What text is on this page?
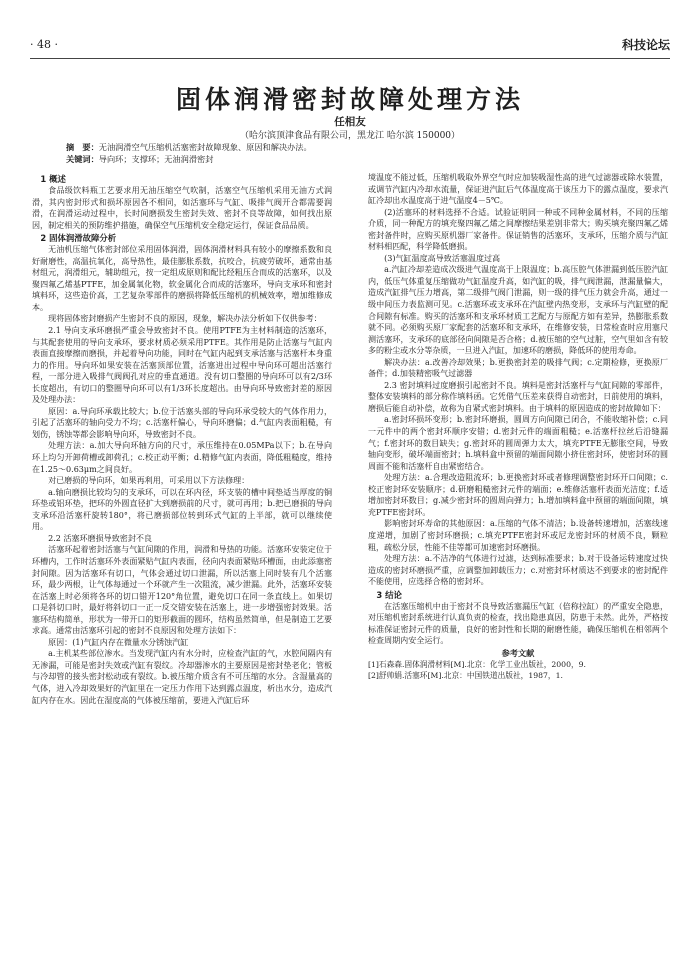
· 48 ·	科技论坛
固体润滑密封故障处理方法
任相友
（哈尔滨顶津食品有限公司，黑龙江 哈尔滨 150000）
摘　要：无油润滑空气压缩机活塞密封故障现象、原因和解决办法。
关键词：导向环；支撑环；无油润滑密封
1 概述

食品级饮料瓶工艺要求用无油压缩空气吹制，活塞空气压缩机采用无油方式润滑，其内密封形式和损坏原因各不相同，如活塞环与气缸、吸排气阀开合都需要润滑，在润滑运动过程中，长时间磨损发生密封失效、密封不良等故障，如何找出原因，制定相关的预防维护措施，确保空气压缩机安全稳定运行，保证食品品质。

2 固体润滑故障分析

无油机压缩气体密封部位采用固体润滑，固体润滑材料具有较小的摩擦系数和良好耐磨性，高温抗氧化，高导热性，最佳膨胀系数，抗咬合，抗疲劳破坏，通常由基材组元，润滑组元，辅助组元，按一定组成原则和配比经粗压合而成的活塞环，以及聚四氟乙烯基PTFE，加金属氧化物，软金属化合而成的活塞环，导向支承环和密封填料环，这些造价高，工艺复杂零部件的磨损将降低压缩机的机械效率，增加维修成本。

现将固体密封磨损产生密封不良的原因，现象，解决办法分析如下仅供参考：

2.1 导向支承环磨损严重会导致密封不良。使用PTFE为主材料制造的活塞环，与其配套使用的导向支承环，要求材质必须采用PTFE。其作用是防止活塞与气缸内表面直接摩擦而磨损，并起着导向功能，同时在气缸内起到支承活塞与活塞杆本身重力的作用。导向环如果安装在活塞顶部位置，活塞进出过程中导向环可超出活塞行程，一部分进入吸排气阀阀孔对应的垂直通道。没有切口整圈的导向环可以有2/3环长度超出，有切口的整圈导向环可以有1/3环长度超出。由导向环导致密封差的原因及处理办法：

原因：a.导向环承载比较大；b.位于活塞头部的导向环承受较大的气体作用力，引起了活塞环的轴向受力不均；c.活塞杆偏心，导向环磨偏；d.气缸内表面粗糙，有划伤，锈蚀等都会影响导向环，导致密封不良。

处理方法：a.加大导向环轴方向的尺寸，承压维持在0.05MPa以下；b.在导向环上均匀开卸荷槽或卸荷孔；c.校正动平衡；d.精修气缸内表面，降低粗糙度，维持在1.25～0.63μm之间良好。

对已磨损的导向环，如果再利用，可采用以下方法修理：

a.轴向磨损比较均匀的支承环，可以在环内径，环支装的槽中间垫适当厚度的铜环垫或铝环垫，把环的外圆直径扩大到磨损前的尺寸，就可再用；b.把已磨损的导向支承环沿活塞杆旋转180°，将已磨损部位转到环式气缸的上半部，就可以继续使用。

2.2 活塞环磨损导致密封不良

活塞环起着密封活塞与气缸间隙的作用，润滑和导热的功能。活塞环安装定位于环槽内，工作时活塞环外表面紧贴气缸内表面，径向内表面紧贴环槽面，由此添塞密封间隙。因为活塞环有切口，气体会通过切口泄漏，所以活塞上同时装有几个活塞环，最少两根，让气体每通过一个环就产生一次阻流，减少泄漏。此外，活塞环安装在活塞上时必须将各环的切口错开120°角位置，避免切口在同一条直线上。如果切口是斜切口时，最好将斜切口一正一反交错安装在活塞上，进一步增强密封效果。活塞环结构简单，形状为一带开口的矩形截面的圆环，结构虽然简单，但是制造工艺要求高。通常由活塞环引起的密封不良原因和处理方法如下：

原因：(1)气缸内存在微量水分锈蚀汽缸

a.主机某些部位渗水。当发现汽缸内有水分时，应检查汽缸的气，水腔间隔内有无渗漏，可能是密封失效或汽缸有裂纹。冷却器渗水的主要原因是密封垫老化；管板与冷却管的接头密封松动或有裂纹。b.被压缩介质含有不可压缩的水分。含湿量高的气体，进入冷却效果好的汽缸里在一定压力作用下达到露点温度，析出水分，造成汽缸内存在水。因此在湿度高的气体被压缩前，要进入汽缸后环

境温度不能过低，压缩机吸取外界空气时应加装吸湿性高的进气过滤器或除水装置，或调节汽缸内冷却水流量，保证进汽缸后气体温度高于该压力下的露点温度，要求汽缸冷却出水温度高于进气温度4－5℃。

(2)活塞环的材料选择不合适。试验证明同一种或不同种金属材料，不同的压缩介质，同一种配方的填充聚四氟乙烯之间摩擦结果差别非常大；购买填充聚四氟乙烯密封备件时，应购买原机器厂家备件。保证销售的活塞环，支承环，压缩介质与汽缸材料相匹配，科学降低磨损。

(3)气缸温度高导致活塞温度过高

a.汽缸冷却差造成次级进气温度高于上限温度；b.高压腔气体泄漏到低压腔汽缸内，低压气体重复压缩做功气缸温度升高，如汽缸的吸，排气阀泄漏，泄漏量偏大，造成汽缸排气压力增高，第二级排气阀门泄漏，则一级的排气压力就会升高，通过一级中间压力表监测可见。c.活塞环或支承环在汽缸壁内热变形，支承环与汽缸壁的配合间隙有标准。购买的活塞环和支承环材质工艺配方与原配方如有差异，热膨胀系数就不同。必须购买原厂家配套的活塞环和支承环，在维修安装，日常检查时应用塞尺测活塞环，支承环的底部径向间隙是否合格；d.被压缩的空气过脏，空气里如含有较多的粉尘或水分等杂质，一旦进入汽缸，加速环的磨损，降低环的使用寿命。

解决办法：a.改善冷却效果；b.更换密封差的吸排气阀；c.定期检修，更换原厂备件；d.加装精密吸气过滤器

2.3 密封填料过度磨损引起密封不良。填料是密封活塞杆与气缸间隙的零部件，整体安装填料的部分称作填料函。它凭借气压差来获得自动密封，日前使用的填料，磨损后能自动补偿，故称为自紧式密封填料。由于填料的原因造成的密封故障如下：

a.密封环损坏变形；b.密封环磨损，圆周方向间隙已闭合，不能收缩补偿；c.同一元件中的两个密封环顺序安错；d.密封元件的端面粗糙；e.活塞杆拉丝后沿缝漏气；f.密封环的数目缺失；g.密封环的圆周弹力太大，填充PTFE无膨胀空间，导致轴向变形，破坏端面密封；h.填料盒中预留的端面间隙小挤住密封环，使密封环的圆周面不能和活塞杆自由紧密结合。

处理方法：a.合理改造阻流环；b.更换密封环或者修理调整密封环开口间隙；c.校正密封环安装顺序；d.研磨粗糙密封元件的端面；e.维修活塞杆表面光洁度；f.适增加密封环数目；g.减少密封环的圆周向弹力；h.增加填料盒中预留的端面间隙，填充PTFE密封环。

影响密封环寿命的其他原因：a.压缩的气体不清洁；b.设备转速增加，活塞线速度递增，加剧了密封环磨损；c.填充PTFE密封环或尼龙密封环的材质不良，颗粒粗，疏松分层，性能不佳等都可加速密封环磨损。

处理方法：a.不洁净的气体进行过滤，达到标准要求；b.对于设备运转速度过快造成的密封环磨损严重，应调整加卸载压力；c.对密封环材质达不到要求的密封配件不能使用，应选择合格的密封环。

3 结论

在活塞压缩机中由于密封不良导致活塞漏压气缸（倍称拉缸）的严重安全隐患，对压缩机密封系统进行认真负责的检查，找出隐患真因，防患于未然。此外，严格按标准保证密封元件的质量，良好的密封性和长期的耐磨性能，确保压缩机在相邻两个检查周期内安全运行。

参考文献

[1]石森森.固体润滑材料[M].北京：化学工业出版社，2000，9.

[2]舒帅娟.活塞环[M].北京：中国铁道出版社，1987，1.
